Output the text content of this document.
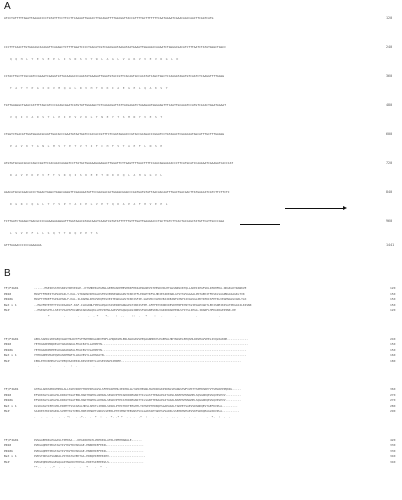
A
ATCCTATTTTTAGATTAAAACCCCTGTATTTCCTTCCTTCAAAATTGAACCTTGCAGATTTTGGCGGTTACCATTTTGCTTTTTTTCAATAAAATCAAACAACCAACTTCAGTCATG	120
CCCTTTCAACTTGTGGCAGCACAGGTTCAGAGCTCTTTTGGATCCCCTAACATCGTCGGCGAATAAGATAATGAAATTGGAAGCCAAAATCTGGGGCGACATCTTTAATCTATATGGGCTGGCC	240
Q  Q  H  L  Y  E  S  E  P  L  I  S  N  S  V  Y  W  L  A  G  L  V  A  R  V  V  E  V  R  G  L  D
CCTACTTGCTTCGCAGTCCGGAATCGAGGTGTTACAAGGCCCAAATATGAAGATTGGATGTACCGTTCACAGTGCCACATATCAGCTGGCTCCAAGATAGATGTCAATCTCAAGGTTTTGAGG	360
T  A  Y  T  P  G  I  D  V  M  Q  A  L  R  V  H  T  K  K  I  A  E  G  E  L  Q  A  K  S  Y
TGTTGAGGGCTGAACCATTTTAGCGTCCCGCAGCAGATCATGTATTGGAAGCTCTCAGACGATTATTACGAGGTCTAGAGAATGGGAAGTTTCAATTGCAAATCCATGTCACACTAGATAAAAT	480
V  Q  I  V  A  D  S  T  L  P  I  E  V  V  K  L  T  N  E  Y  T  S  M  N  Y  V  E  S  T
CTGGTCTGACATTGGTGGAGCGCAGTTGACACCCAAATATAATGGTCCACCACCGTTTCTCGGTAGGACCCGTACCGCAGACCCGGATCCTATAAACTCGAACAATAGCATTTGCTTTGAAGG	600
P  A  V  K  T  A  N  L  M  V  Y  E  T  V  T  I  F  C  H  F  V  T  A  E  F  L  N  S  H
ATGTGTGCGACGCACCAGCCGGTTCCACAGCCAGGGTCCTTATGCTGAAAAGAAAGACTTGGATTCTTGAGTTTTAACTTTTCCAACAGGAGCACCCTTCATGCATCCAAGAATCAAAGATCACCCAT	720
R  A  V  E  D  P  V  F  T  S  R  Q  I  S  K  E  E  T  N  D  K  Q  L  A  H  G  G  V  L
AGACATGCGCAGACACCCTGGACTGGGCTGGGCAAGGTTCGAAAGATATTCCGACGACACTGGGGCGGGCCCAGTGATGTATTAACAACAATTTGACTGACGACTTATGAGCATCATCTTCTTCTC	840
D  G  R  C  Q  A  L  T  Y  V  P  T  A  I  E  L  V  E  T  Q  D  A  P  A  F  H  V  E  E  L
TCTTGATCTAGAGCTGACGCCCCAAAAGAAGGGATTTGGTAAACGTAGCAAATCAAGTCGTGTATTTTTTGTTTGATTGAAGACCCTGCTTATCTTCACTACCAGCTATGTTCATTGCCCAGA	960
L  S  V  E  F  L  L  S  Q  T  T  R  Q  P  E  T  S
GTTTAAAACCCCCCAAAAAAA	1441
B
TF/FIG01	------MSEIKSSTDSNISYDPVEIGE--KTSMKEKLEGMGLGEEHASKEMEVHKKFHKIAEWLNEVSTPESDVDLHTGGSNRSIKTQLLAKEIIEGFSKLIERHFDA-DKGKLKYRANKVE	120
PR10	MGVFTFEDEITSPVAPAILY-KAL-VTDADNVIPKALDSFKSVENVEGNGGPGTIKKITFLEDGETKFVLHKIESIDEANLGYSYSVVGGAALPDTAEKITFDSKLVAGPNGGSAGKLTVK	150
PR10b	MGVFTYEDEFTSPIAPSRLF-KAL-ILDAHNLIPKVVDQFKSVEITEGDGGVGTIKKISFIE-GGEVKCVLHKVEAIDEANFGYNYSIVGGVGLPDTIEKISFETKLVEGPNGGSIGKLTLK	150
Bet v 1	--MGVFNYETETTSVIPAARLF-KAF-ILDGDNLFPKVAPQAISSVENIEGNGGPGTIKKISFPE-GFPFKYVKDRVDEVDHTNFKYNYSVIEGGPIGDTLEKISNEIKIVATPDGGSILKISNK	150
MLP	--MSEAKSPTLLSEITVSAPSFKLWNSIADGNLQKLLPEVIPNLAAEVVEGQGQAGSIRRVSFGKGNESKKLVGRIDRADEENLSYSYSLIEGG-IDANFLHFDAIRGEPINK-KE	120
*        .       .     .  . *    *.    :  ..    ::  .   *    :   .       .           .            .
TF/FIG01	AEKLSAHDLVKEGEQVGGKTHLRVTFSFHVEHKKGLNKVFNFLLMQWSSMLENLNLDGKVSPEQAGNHKKYLEAEMALHDYNGVELEHQSHLRDVHAVVEELIVQVAAKDH------------	240
PR10	YETKGDAEPNQDELKTGKAKADALFKAIEAYLLAHPDYN------------------------------------------------------------------------------------	150
PR10b	YETKGDAKPDEEELKGGKAKGEALFKAIEGYVLAHPDYN-----------------------------------------------------------------------------------	150
Bet v 1	YHTKGDHEVKAEQVKASKEMGETLLRAVESYLLAHSDAYN----------------------------------------------------------------------------------	160
MLP	IERLETKIKHEGYLGTPEQVSAVEKILKKVVEIHYLLKSESVNVSIHDEE---------------------------------------------------------------------	180
.      .       .   :  .         .
TF/FIG01	GTEGLAKKSPKDVHPRLALLSSEVIREYTREPIEAGVSLSFPEGSEHHLIEIPRLGLYAHCHEGNLHLPDIKGKPIDNLVEANGSTWFIVKTTSPEKHAEYVYSMLRPPPQKRL-----	360
PR10	EFSKKSGTLGDGVSLDDPATSSATENLHARTHGEHLLNHDALSEGKVPTPIAKKDDEGNSTTILSASTTEKAAPGITADSLNSEPSHVNAHELSQSGDKQEVGQVKVPVV---------	270
PR10b	EFSKKSGTLGEGVSLDDPATSSATENLHARTHGEHLLDHDALSEGKVPTPIATKDDEGNSTTILSGNTTEKAAPGITADALNSEPSHVNAHELSQGGDKQEVGQVKVPVV---------	270
Bet v 1	DLSKASGTIEEIVKLEDPETTSSIAEALHKSLSEKTLIHDDLSDSKLPTPITDKTEEGHTLTIHSEPTPDKQPSGAEADALTAKPEYSAEVSDSNKQEVTGEFKVPLA---------	280
MLP	SAIKESTKISEGKSLSVPETSSTVEKLHDEIHHAPTLNDVLSEEKLPTPIMSKTEEGNSTVILGAKSSETAKPSVSADKLSSEPRHVEAEVSKFGDKQEAGVAKVPLA----------	290
.   .  .  .   .  . *:   . .*..  .  *  :  .  *. .* *  . . .  .*  :   .  . .  .  .. .   .  .  .      .  *.  :  .  .
TF/FIG01	PVGGAEHKKLEGGAVLTPEKSA---DEGPAKHGTLVKEKKSLATKLVPEHHANALE------	420
PR10	PVDGAQHDTPDGTAGTIVYKVTDVSKAGE-ENKKHIEFEKIL---------------------	330
PR10b	PVDGAQHETPDGTAGTIVYKVTDVSKAGE-ENKKHIEFEKIL---------------------	330
Bet v 1	PVDSTDDSATSGNKALVSYKATGVEKTGA-EDKQPIEHEKIHV---------------------	340
MLP	PVDGEQHDVKGGEGQALRYNLKDVTKEGG-EDKTSIEHEKVLS--------------------	340
**..  .  ..*  .  .  .  .  .   *    .  *  .
